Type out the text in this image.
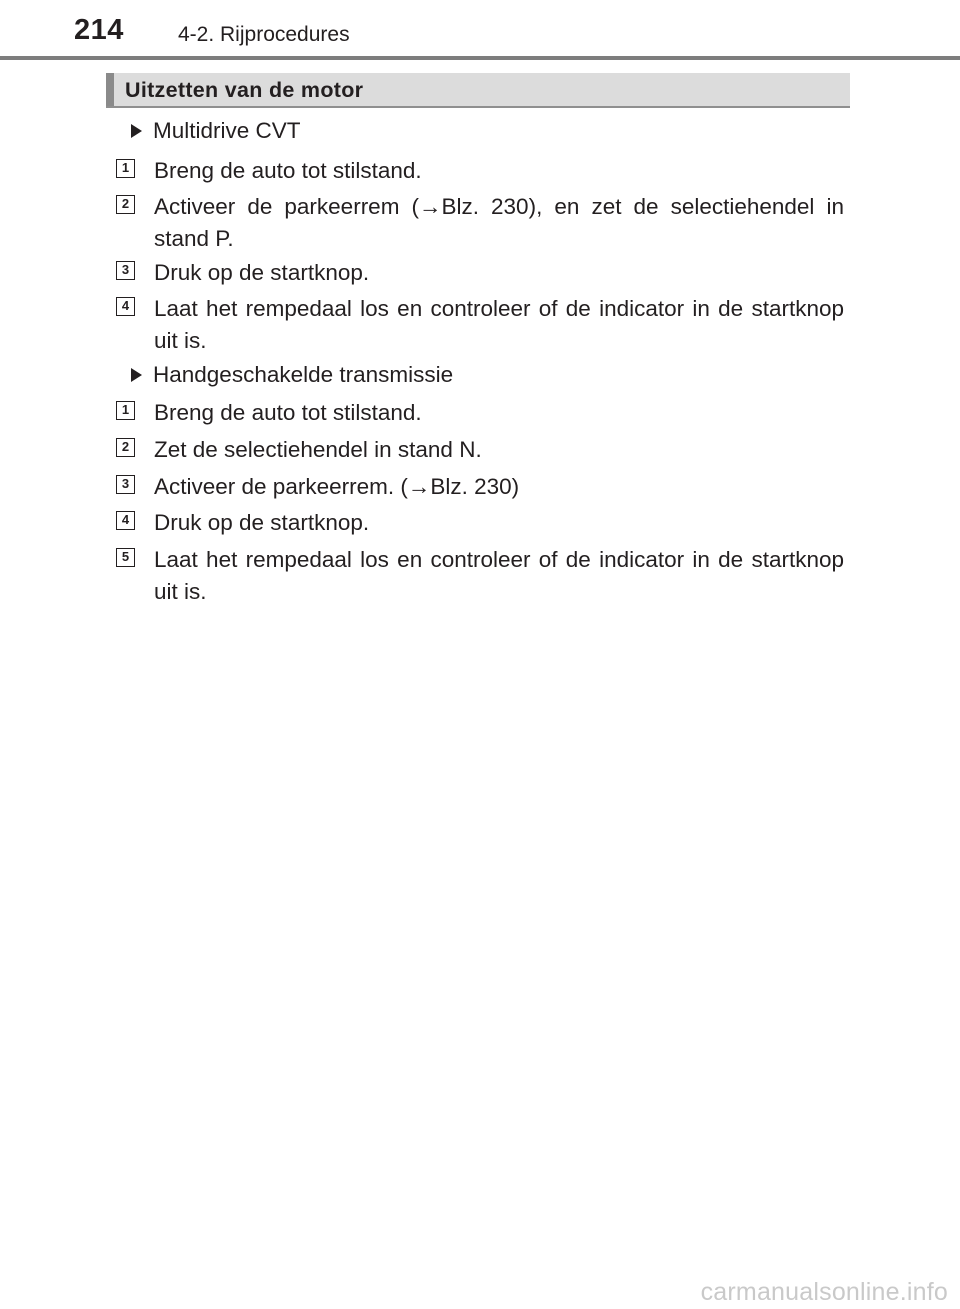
214	4-2. Rijprocedures
Uitzetten van de motor
Multidrive CVT
1 Breng de auto tot stilstand.
2 Activeer de parkeerrem (→Blz. 230), en zet de selectiehendel in stand P.
3 Druk op de startknop.
4 Laat het rempedaal los en controleer of de indicator in de startknop uit is.
Handgeschakelde transmissie
1 Breng de auto tot stilstand.
2 Zet de selectiehendel in stand N.
3 Activeer de parkeerrem. (→Blz. 230)
4 Druk op de startknop.
5 Laat het rempedaal los en controleer of de indicator in de startknop uit is.
carmanualsonline.info
